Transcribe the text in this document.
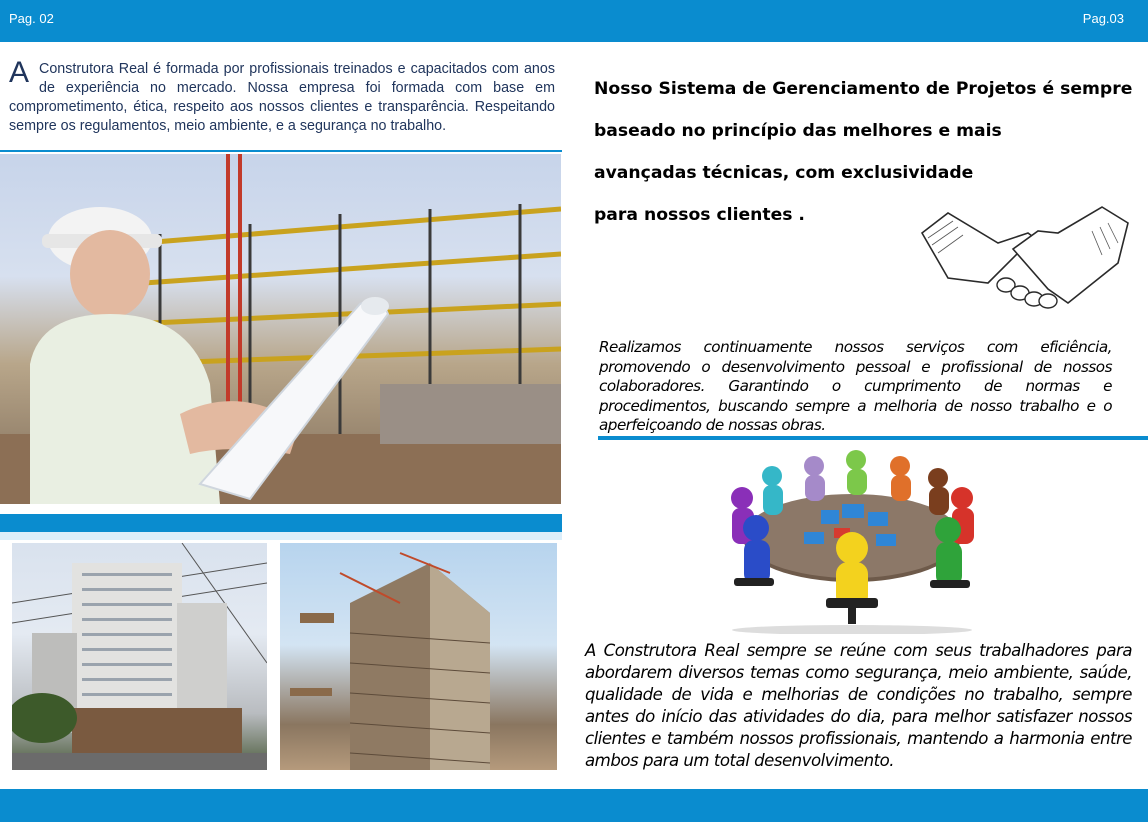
Pag. 02	Pag.03
A Construtora Real é formada por profissionais treinados e capacitados com anos de experiência no mercado. Nossa empresa foi formada com base em comprometimento, ética, respeito aos nossos clientes e transparência. Respeitando sempre os regulamentos, meio ambiente, e a segurança no trabalho.
Nosso Sistema de Gerenciamento de Projetos é sempre
baseado no princípio das melhores e mais
avançadas técnicas, com exclusividade
para nossos clientes .
Realizamos continuamente nossos serviços com eficiência, promovendo o desenvolvimento pessoal e profissional de nossos colaboradores. Garantindo o cumprimento de normas e procedimentos, buscando sempre a melhoria de nosso trabalho e o aperfeiçoando de nossas obras.
A Construtora Real sempre se reúne com seus trabalhadores para abordarem diversos temas como segurança, meio ambiente, saúde, qualidade de vida e melhorias de condições no trabalho, sempre antes do início das atividades do dia, para melhor satisfazer nossos clientes e também nossos profissionais, mantendo a harmonia entre ambos para um total desenvolvimento.
